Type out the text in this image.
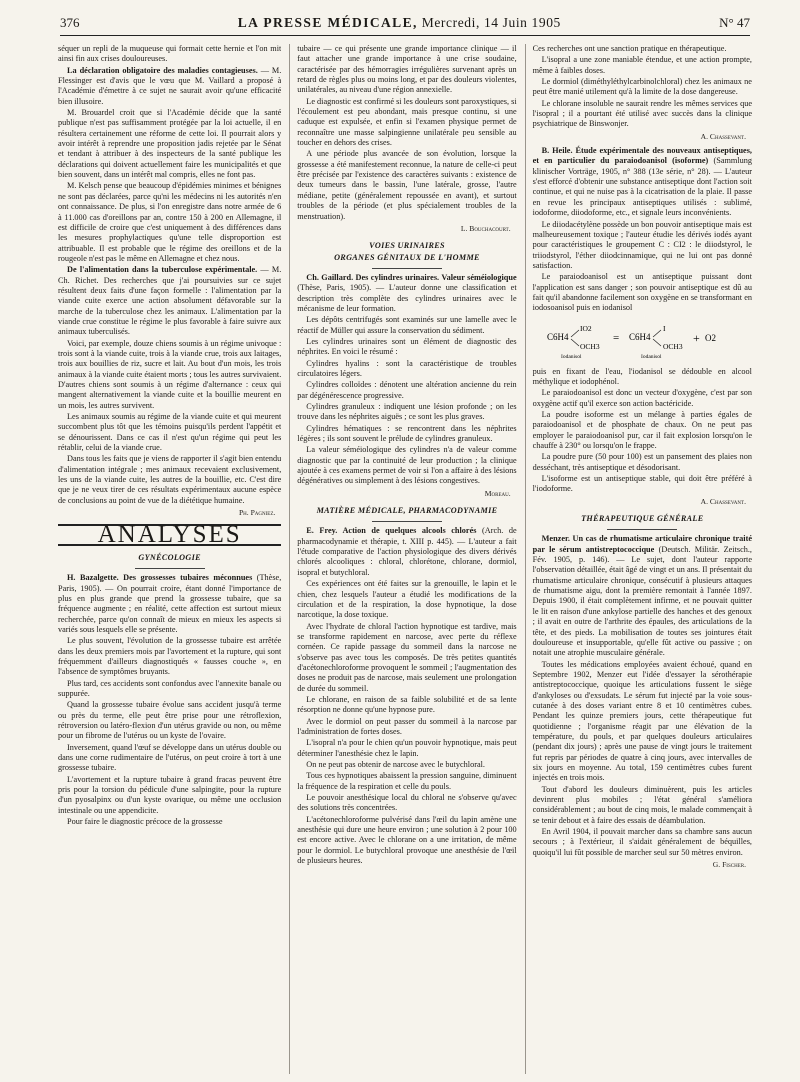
376	LA PRESSE MÉDICALE, Mercredi, 14 Juin 1905	N° 47

séquer un repli de la muqueuse qui formait cette hernie et l'on mit ainsi fin aux crises douloureuses.

La déclaration obligatoire des maladies contagieuses. — M. Flessinger est d'avis que le vœu que M. Vaillard a proposé à l'Académie d'émettre à ce sujet ne saurait avoir qu'une efficacité bien illusoire.

M. Brouardel croit que si l'Académie décide que la santé publique n'est pas suffisamment protégée par la loi actuelle, il en résultera certainement une réforme de cette loi. Il pourrait alors y avoir intérêt à reprendre une proposition jadis rejetée par le Sénat et tendant à attribuer à des inspecteurs de la santé publique les déclarations qui doivent actuellement faire les municipalités et que bien souvent, dans un intérêt mal compris, elles ne font pas.

M. Kelsch pense que beaucoup d'épidémies minimes et bénignes ne sont pas déclarées, parce qu'ni les médecins ni les autorités n'en ont connaissance. De plus, si l'on enregistre dans notre armée de 6 à 11.000 cas d'oreillons par an, contre 150 à 200 en Allemagne, il est difficile de croire que c'est uniquement à des différences dans les mesures prophylactiques qu'une telle disproportion est attribuable. Il est probable que le régime des oreillons et de la rougeole n'est pas le même en Allemagne et chez nous.

De l'alimentation dans la tuberculose expérimentale. — M. Ch. Richet. Des recherches que j'ai poursuivies sur ce sujet résultent deux faits d'une façon formelle : l'alimentation par la viande cuite exerce une action absolument défavorable sur la marche de la tuberculose chez les animaux. L'alimentation par la viande crue constitue le régime le plus favorable à faire suivre aux animaux tuberculisés.

Voici, par exemple, douze chiens soumis à un régime univoque : trois sont à la viande cuite, trois à la viande crue, trois aux laitages, trois aux bouillies de riz, sucre et lait. Au bout d'un mois, les trois animaux à la viande cuite étaient morts ; tous les autres survivaient. D'autres chiens sont soumis à un régime d'alternance : ceux qui mangent alternativement la viande cuite et la bouillie meurent en un mois, les autres survivent.

Les animaux soumis au régime de la viande cuite et qui meurent succombent plus tôt que les témoins puisqu'ils perdent l'appétit et se dénourissent. Dans ce cas il n'est qu'un régime qui peut les rétablir, celui de la viande crue.

Dans tous les faits que je viens de rapporter il s'agit bien entendu d'alimentation intégrale ; mes animaux recevaient exclusivement, les uns de la viande cuite, les autres de la bouillie, etc. C'est dire que je ne veux tirer de ces résultats expérimentaux aucune espèce de conclusions au point de vue de la diététique humaine.

Ph. Pagniez.

ANALYSES
GYNÉCOLOGIE

H. Bazalgette. Des grossesses tubaires méconnues (Thèse, Paris, 1905). — On pourrait croire, étant donné l'importance de plus en plus grande que prend la grossesse tubaire, que sa fréquence augmente ; en réalité, cette affection est surtout mieux recherchée, parce qu'on connaît de mieux en mieux les aspects si variés sous lesquels elle se présente.

Le plus souvent, l'évolution de la grossesse tubaire est arrêtée dans les deux premiers mois par l'avortement et la rupture, qui sont fréquemment d'ailleurs diagnostiqués « fausses couche », en l'absence de symptômes bruyants.

Plus tard, ces accidents sont confondus avec l'annexite banale ou suppurée.

Quand la grossesse tubaire évolue sans accident jusqu'à terme ou près du terme, elle peut être prise pour une rétroflexion, rétroversion ou latéro-flexion d'un utérus gravide ou non, ou même pour un fibrome de l'utérus ou un kyste de l'ovaire.

Inversement, quand l'œuf se développe dans un utérus double ou dans une corne rudimentaire de l'utérus, on peut croire à tort à une grossesse tubaire.

L'avortement et la rupture tubaire à grand fracas peuvent être pris pour la torsion du pédicule d'une salpingite, pour la rupture d'un pyosalpinx ou d'un kyste ovarique, ou même une occlusion intestinale ou une appendicite.

Pour faire le diagnostic précoce de la grossesse

tubaire — ce qui présente une grande importance clinique — il faut attacher une grande importance à une crise soudaine, caractérisée par des hémorragies irrégulières survenant après un retard de règles plus ou moins long, et par des douleurs violentes, unilatérales, au niveau d'une région annexielle.

Le diagnostic est confirmé si les douleurs sont paroxystiques, si l'écoulement est peu abondant, mais presque continu, si une caduque est expulsée, et enfin si l'examen physique permet de reconnaître une masse salpingienne unilatérale peu sensible au toucher en dehors des crises.

A une période plus avancée de son évolution, lorsque la grossesse a été manifestement reconnue, la nature de celle-ci peut être précisée par l'existence des caractères suivants : existence de deux tumeurs dans le bassin, l'une latérale, grosse, l'autre médiane, petite (généralement repoussée en avant), et surtout troubles de la période (et plus spécialement troubles de la menstruation).

L. Bouchacourt.

VOIES URINAIRES
ORGANES GÉNITAUX DE L'HOMME

Ch. Gaillard. Des cylindres urinaires. Valeur séméiologique (Thèse, Paris, 1905). — L'auteur donne une classification et description très complète des cylindres urinaires avec le mécanisme de leur formation.

Les dépôts centrifugés sont examinés sur une lamelle avec le réactif de Müller qui assure la conservation du sédiment.

Les cylindres urinaires sont un élément de diagnostic des néphrites. En voici le résumé :

Cylindres hyalins : sont la caractéristique de troubles circulatoires légers.

Cylindres colloïdes : dénotent une altération ancienne du rein par dégénérescence progressive.

Cylindres granuleux : indiquent une lésion profonde ; on les trouve dans les néphrites aiguës ; ce sont les plus graves.

Cylindres hématiques : se rencontrent dans les néphrites légères ; ils sont souvent le prélude de cylindres granuleux.

La valeur séméiologique des cylindres n'a de valeur comme diagnostic que par la continuité de leur production ; la clinique ajoutée à ces examens permet de voir si l'on a affaire à des lésions dégénératives ou simplement à des lésions congestives.

Moreau.

MATIÈRE MÉDICALE, PHARMACODYNAMIE

E. Frey. Action de quelques alcools chlorés (Arch. de pharmacodynamie et thérapie, t. XIII p. 445). — L'auteur a fait l'étude comparative de l'action physiologique des divers dérivés chlorés alcooliques : chloral, chlorétone, chlorane, dormiol, isopral et butychloral.

Ces expériences ont été faites sur la grenouille, le lapin et le chien, chez lesquels l'auteur a étudié les modifications de la circulation et de la respiration, la dose hypnotique, la dose narcotique, la dose toxique.

Avec l'hydrate de chloral l'action hypnotique est tardive, mais se transforme rapidement en narcose, avec perte du réflexe cornéen. Ce rapide passage du sommeil dans la narcose ne s'observe pas avec tous les composés. De très petites quantités d'acétonechloroforme provoquent le sommeil ; l'augmentation des doses ne produit pas de narcose, mais seulement une prolongation de durée du sommeil.

Le chlorane, en raison de sa faible solubilité et de sa lente résorption ne donne qu'une hypnose pure.

Avec le dormiol on peut passer du sommeil à la narcose par l'administration de fortes doses.

L'isopral n'a pour le chien qu'un pouvoir hypnotique, mais peut déterminer l'anesthésie chez le lapin.

On ne peut pas obtenir de narcose avec le butychloral.

Tous ces hypnotiques abaissent la pression sanguine, diminuent la fréquence de la respiration et celle du pouls.

Le pouvoir anesthésique local du chloral ne s'observe qu'avec des solutions très concentrées.

L'acétonechloroforme pulvérisé dans l'œil du lapin amène une anesthésie qui dure une heure environ ; une solution à 2 pour 100 est encore active. Avec le chlorane on a une irritation, de même pour le dormiol. Le butychloral provoque une anesthésie de l'œil de plusieurs heures.

Ces recherches ont une sanction pratique en thérapeutique.

L'isopral a une zone maniable étendue, et une action prompte, même à faibles doses.

Le dormiol (diméthyléthylcarbinolchloral) chez les animaux ne peut être manié utilement qu'à la limite de la dose dangereuse.

Le chlorane insoluble ne saurait rendre les mêmes services que l'isopral ; il a pourtant été utilisé avec succès dans la clinique psychiatrique de Binswonjer.

A. Chassevant.

B. Heile. Étude expérimentale des nouveaux antiseptiques, et en particulier du paraiodoanisol (isoforme) (Sammlung klinischer Vorträge, 1905, n° 388 (13e série, n° 28). — L'auteur s'est efforcé d'obtenir une substance antiseptique dont l'action soit continue, et qui ne nuise pas à la cicatrisation de la plaie. Il passe en revue les principaux antiseptiques utilisés : sublimé, iodoforme, diiodoforme, etc., et signale leurs inconvénients.

Le diiodacétylène possède un bon pouvoir antiseptique mais est malheureusement toxique ; l'auteur étudie les dérivés iodés ayant pour caractéristiques le groupement C : CI2 : le diiodstyrol, le triiodstyrol, l'éther diiodcinnamique, qui ne lui ont pas donné satisfaction.

Le paraiodoanisol est un antiseptique puissant dont l'application est sans danger ; son pouvoir antiseptique est dû au fait qu'il abandonne facilement son oxygène en se transformant en iodosoanisol puis en iodanisol

C6H4
IO2
OCH3
Iodanisol
= C6H4
I
OCH3
Iodanisol
+ O2

puis en fixant de l'eau, l'iodanisol se dédouble en alcool méthylique et iodophénol.

Le paraiodoanisol est donc un vecteur d'oxygène, c'est par son oxygène actif qu'il exerce son action bactéricide.

La poudre isoforme est un mélange à parties égales de paraiodoanisol et de phosphate de chaux. On ne peut pas employer le paraiodoanisol pur, car il fait explosion lorsqu'on le chauffe à 230° ou lorsqu'on le frappe.

La poudre pure (50 pour 100) est un pansement des plaies non desséchant, très antiseptique et désodorisant.

L'isoforme est un antiseptique stable, qui doit être préféré à l'iodoforme.

A. Chassevant.

THÉRAPEUTIQUE GÉNÉRALE

Menzer. Un cas de rhumatisme articulaire chronique traité par le sérum antistreptococcique (Deutsch. Militär. Zeitsch., Fév. 1905, p. 146). — Le sujet, dont l'auteur rapporte l'observation détaillée, était âgé de vingt et un ans. Il présentait du rhumatisme articulaire chronique, consécutif à plusieurs attaques de rhumatisme aigu, dont la première remontait à l'année 1897. Depuis 1900, il était complètement infirme, et ne pouvait quitter le lit en raison d'une ankylose partielle des hanches et des genoux ; il avait en outre de l'arthrite des épaules, des articulations de la tête, et des pieds. La mobilisation de toutes ses jointures était douloureuse et insupportable, qu'elle fût active ou passive ; on notait une atrophie musculaire générale.

Toutes les médications employées avaient échoué, quand en Septembre 1902, Menzer eut l'idée d'essayer la sérothérapie antistreptococcique, quoique les articulations fussent le siège d'ankyloses ou d'exsudats. Le sérum fut injecté par la voie sous-cutanée à des doses variant entre 8 et 10 centimètres cubes. Pendant les quinze premiers jours, cette thérapeutique fut quotidienne ; l'organisme réagit par une élévation de la température, du pouls, et par quelques douleurs articulaires (pendant dix jours) ; après une pause de vingt jours le traitement fut repris par périodes de quatre à cinq jours, avec intervalles de six jours en moyenne. Au total, 159 centimètres cubes furent injectés en trois mois.

Tout d'abord les douleurs diminuèrent, puis les articles devinrent plus mobiles ; l'état général s'améliora considérablement ; au bout de cinq mois, le malade commençait à se tenir debout et à faire des essais de déambulation.

En Avril 1904, il pouvait marcher dans sa chambre sans aucun secours ; à l'extérieur, il s'aidait généralement de béquilles, quoiqu'il lui fût possible de marcher seul sur 50 mètres environ.

G. Fischer.
